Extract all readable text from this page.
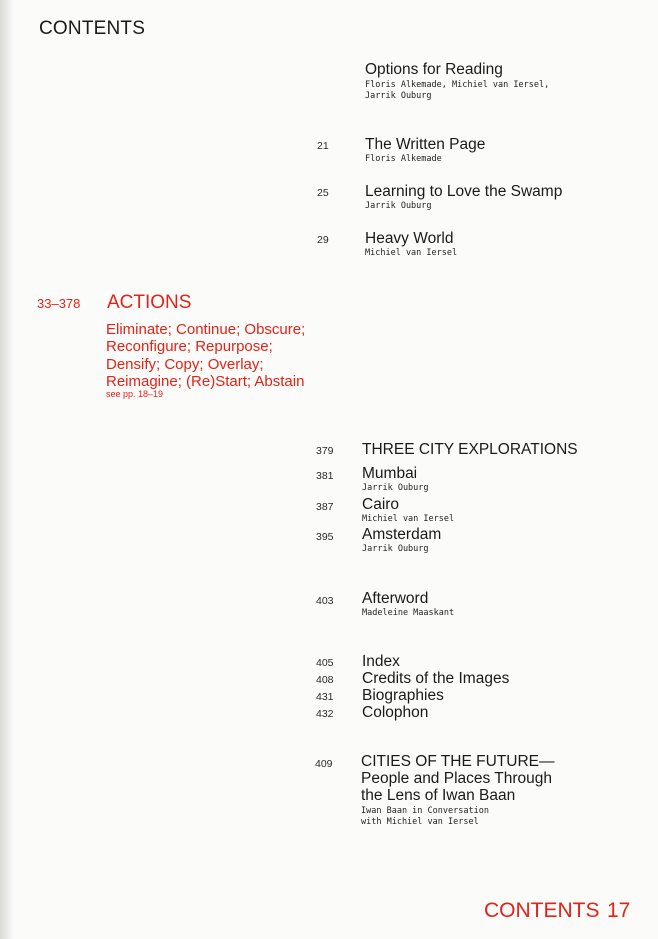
CONTENTS
Options for Reading
Floris Alkemade, Michiel van Iersel,
Jarrik Ouburg
21 The Written Page
Floris Alkemade
25 Learning to Love the Swamp
Jarrik Ouburg
29 Heavy World
Michiel van Iersel
33–378 ACTIONS
Eliminate; Continue; Obscure; Reconfigure; Repurpose; Densify; Copy; Overlay; Reimagine; (Re)Start; Abstain
see pp. 18–19
379 THREE CITY EXPLORATIONS
381 Mumbai
Jarrik Ouburg
387 Cairo
Michiel van Iersel
395 Amsterdam
Jarrik Ouburg
403 Afterword
Madeleine Maaskant
405 Index
408 Credits of the Images
431 Biographies
432 Colophon
409 CITIES OF THE FUTURE—
People and Places Through
the Lens of Iwan Baan
Iwan Baan in Conversation
with Michiel van Iersel
CONTENTS 17
